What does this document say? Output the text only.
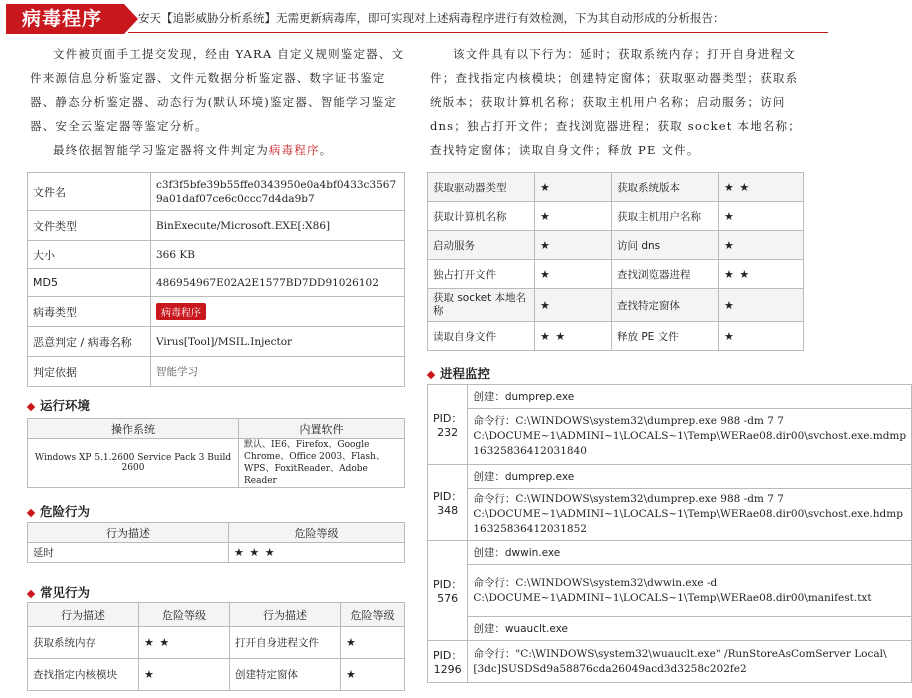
病毒程序	安天【追影威胁分析系统】无需更新病毒库，即可实现对上述病毒程序进行有效检测，下为其自动形成的分析报告：

文件被页面手工提交发现，经由 YARA 自定义规则鉴定器、文件来源信息分析鉴定器、文件元数据分析鉴定器、数字证书鉴定器、静态分析鉴定器、动态行为(默认环境)鉴定器、智能学习鉴定器、安全云鉴定器等鉴定分析。

最终依据智能学习鉴定器将文件判定为病毒程序。

文件名	c3f3f5bfe39b55ffe0343950e0a4bf0433c35679a01daf07ce6c0ccc7d4da9b7
文件类型	BinExecute/Microsoft.EXE[:X86]
大小	366 KB
MD5	486954967E02A2E1577BD7DD91026102
病毒类型	病毒程序
恶意判定 / 病毒名称	Virus[Tool]/MSIL.Injector
判定依据	智能学习
运行环境
操作系统	内置软件
Windows XP 5.1.2600 Service Pack 3 Build 2600	默认、IE6、Firefox、Google Chrome、Office 2003、Flash、WPS、FoxitReader、Adobe Reader
危险行为
行为描述	危险等级
延时	★ ★ ★
常见行为
行为描述	危险等级	行为描述	危险等级
获取系统内存	★ ★	打开自身进程文件	★
查找指定内核模块	★	创建特定窗体	★

该文件具有以下行为：延时；获取系统内存；打开自身进程文件；查找指定内核模块；创建特定窗体；获取驱动器类型；获取系统版本；获取计算机名称；获取主机用户名称；启动服务；访问 dns；独占打开文件；查找浏览器进程；获取 socket 本地名称；查找特定窗体；读取自身文件；释放 PE 文件。

获取驱动器类型	★	获取系统版本	★ ★
获取计算机名称	★	获取主机用户名称	★
启动服务	★	访问 dns	★
独占打开文件	★	查找浏览器进程	★ ★
获取 socket 本地名称	★	查找特定窗体	★
读取自身文件	★ ★	释放 PE 文件	★
进程监控
PID：232	创建：dumprep.exe
	命令行：C:\WINDOWS\system32\dumprep.exe 988 -dm 7 7 C:\DOCUME~1\ADMINI~1\LOCALS~1\Temp\WERae08.dir00\svchost.exe.mdmp 16325836412031840
PID：348	创建：dumprep.exe
	命令行：C:\WINDOWS\system32\dumprep.exe 988 -dm 7 7 C:\DOCUME~1\ADMINI~1\LOCALS~1\Temp\WERae08.dir00\svchost.exe.hdmp 16325836412031852
PID：576	创建：dwwin.exe
	命令行：C:\WINDOWS\system32\dwwin.exe -d C:\DOCUME~1\ADMINI~1\LOCALS~1\Temp\WERae08.dir00\manifest.txt
	创建：wuauclt.exe
PID：1296	命令行："C:\WINDOWS\system32\wuauclt.exe" /RunStoreAsComServer Local\[3dc]SUSDSd9a58876cda26049acd3d3258c202fe2
